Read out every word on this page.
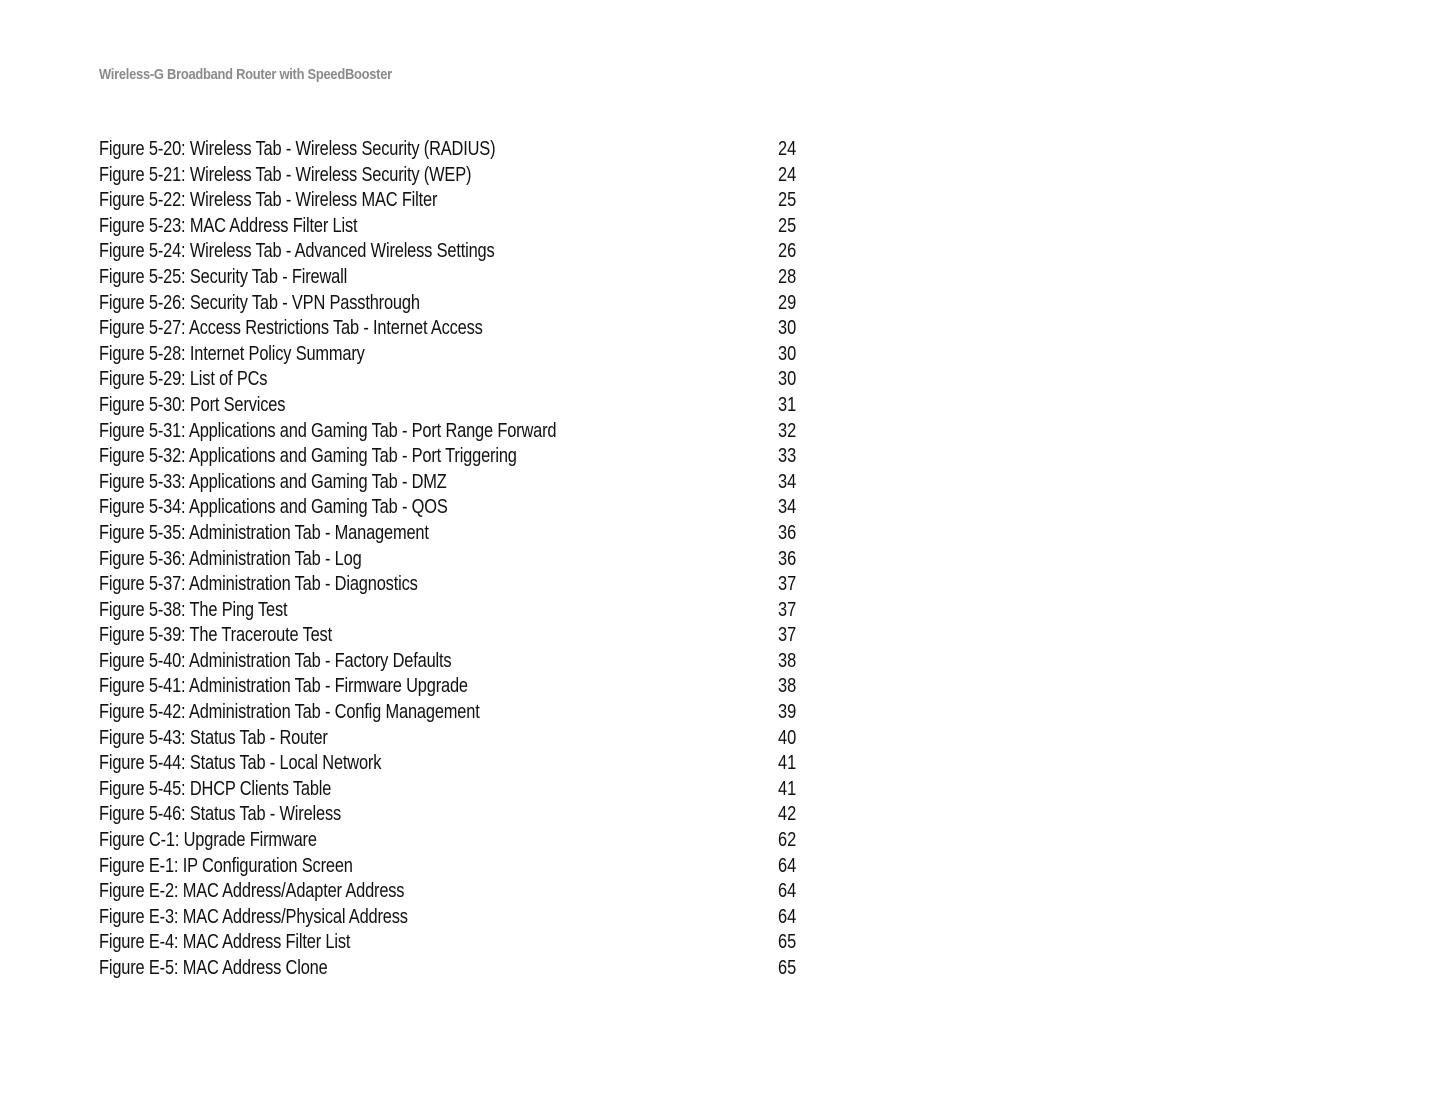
Wireless-G Broadband Router with SpeedBooster
Figure 5-20: Wireless Tab - Wireless Security (RADIUS)	24
Figure 5-21: Wireless Tab - Wireless Security (WEP)	24
Figure 5-22: Wireless Tab - Wireless MAC Filter	25
Figure 5-23: MAC Address Filter List	25
Figure 5-24: Wireless Tab - Advanced Wireless Settings	26
Figure 5-25: Security Tab - Firewall	28
Figure 5-26: Security Tab - VPN Passthrough	29
Figure 5-27: Access Restrictions Tab - Internet Access	30
Figure 5-28: Internet Policy Summary	30
Figure 5-29: List of PCs	30
Figure 5-30: Port Services	31
Figure 5-31: Applications and Gaming Tab - Port Range Forward	32
Figure 5-32: Applications and Gaming Tab - Port Triggering	33
Figure 5-33: Applications and Gaming Tab - DMZ	34
Figure 5-34: Applications and Gaming Tab - QOS	34
Figure 5-35: Administration Tab - Management	36
Figure 5-36: Administration Tab - Log	36
Figure 5-37: Administration Tab - Diagnostics	37
Figure 5-38: The Ping Test	37
Figure 5-39: The Traceroute Test	37
Figure 5-40: Administration Tab - Factory Defaults	38
Figure 5-41: Administration Tab - Firmware Upgrade	38
Figure 5-42: Administration Tab - Config Management	39
Figure 5-43: Status Tab - Router	40
Figure 5-44: Status Tab - Local Network	41
Figure 5-45: DHCP Clients Table	41
Figure 5-46: Status Tab - Wireless	42
Figure C-1: Upgrade Firmware	62
Figure E-1: IP Configuration Screen	64
Figure E-2: MAC Address/Adapter Address	64
Figure E-3: MAC Address/Physical Address	64
Figure E-4: MAC Address Filter List	65
Figure E-5: MAC Address Clone	65
